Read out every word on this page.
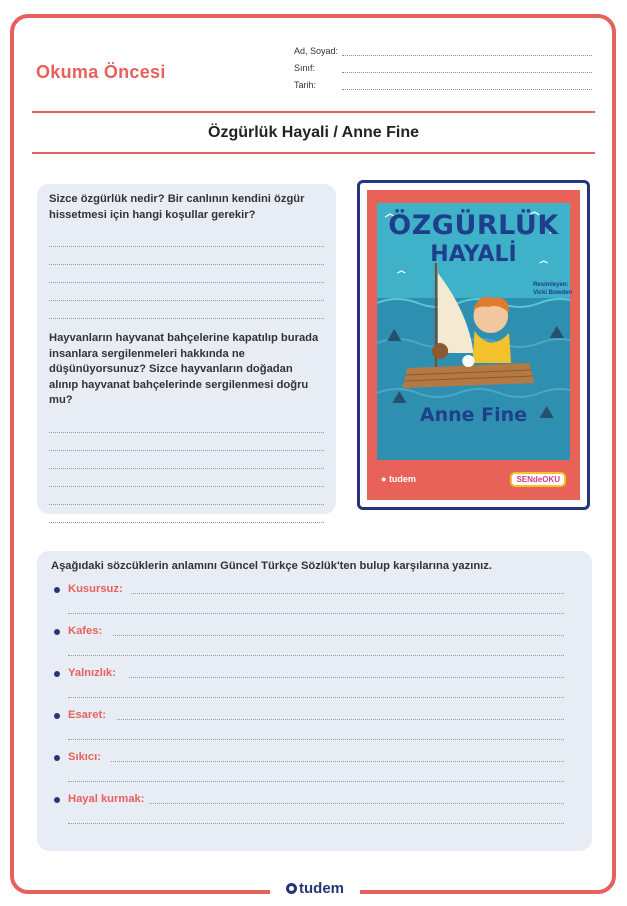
Okuma Öncesi
Ad, Soyad:
Sınıf:
Tarih:
Özgürlük Hayali / Anne Fine
Sizce özgürlük nedir? Bir canlının kendini özgür hissetmesi için hangi koşullar gerekir?
Hayvanların hayvanat bahçelerine kapatılıp burada insanlara sergilenmeleri hakkında ne düşünüyorsunuz? Sizce hayvanların doğadan alınıp hayvanat bahçelerinde sergilenmesi doğru mu?
ÖZGÜRLÜK
HAYALİ
Resimleyen:
Vicki Bowden
Anne Fine
● tudem	SENdeOKU
Aşağıdaki sözcüklerin anlamını Güncel Türkçe Sözlük'ten bulup karşılarına yazınız.
Kusursuz:
Kafes:
Yalnızlık:
Esaret:
Sıkıcı:
Hayal kurmak:
tudem
